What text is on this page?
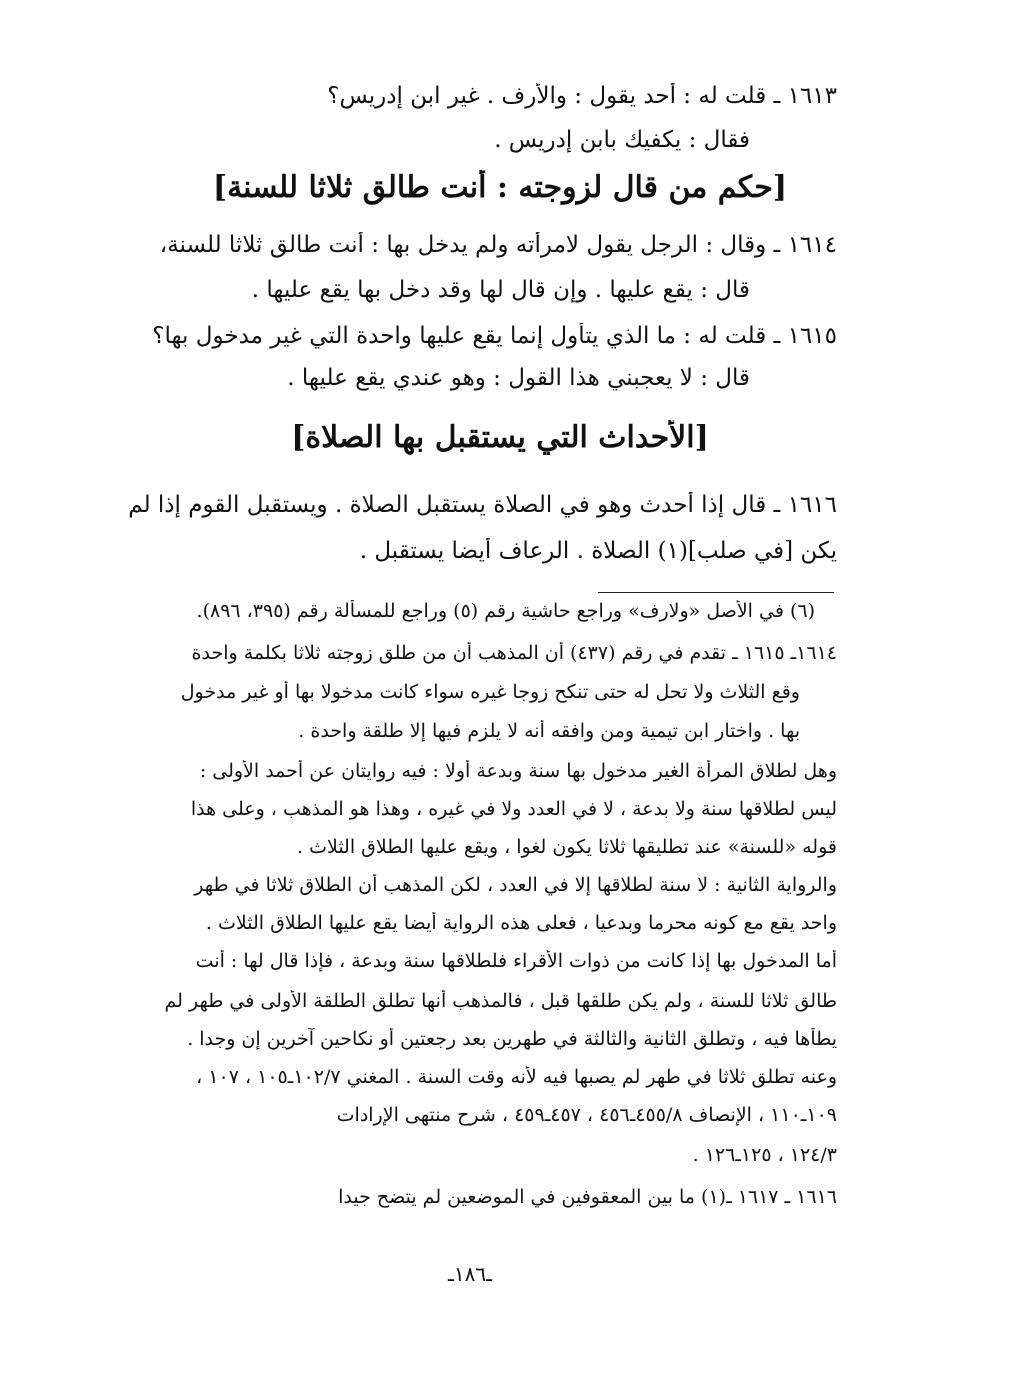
١٦١٣ ـ قلت له : أحد يقول : والأرف . غير ابن إدريس؟
فقال : يكفيك بابن إدريس .
[حكم من قال لزوجته : أنت طالق ثلاثا للسنة]
١٦١٤ ـ وقال : الرجل يقول لامرأته ولم يدخل بها : أنت طالق ثلاثا للسنة،
قال : يقع عليها . وإن قال لها وقد دخل بها يقع عليها .
١٦١٥ ـ قلت له : ما الذي يتأول إنما يقع عليها واحدة التي غير مدخول بها؟
قال : لا يعجبني هذا القول : وهو عندي يقع عليها .
[الأحداث التي يستقبل بها الصلاة]
١٦١٦ ـ قال إذا أحدث وهو في الصلاة يستقبل الصلاة . ويستقبل القوم إذا لم
يكن [في صلب](١) الصلاة . الرعاف أيضا يستقبل .
(٦) في الأصل «ولارف» وراجع حاشية رقم (٥) وراجع للمسألة رقم (٣٩٥، ٨٩٦).
١٦١٤ـ ١٦١٥ ـ تقدم في رقم (٤٣٧) أن المذهب أن من طلق زوجته ثلاثا بكلمة واحدة
وقع الثلاث ولا تحل له حتى تنكح زوجا غيره سواء كانت مدخولا بها أو غير مدخول
بها . واختار ابن تيمية ومن وافقه أنه لا يلزم فيها إلا طلقة واحدة .
وهل لطلاق المرأة الغير مدخول بها سنة وبدعة أولا : فيه روايتان عن أحمد الأولى :
ليس لطلاقها سنة ولا بدعة ، لا في العدد ولا في غيره ، وهذا هو المذهب ، وعلى هذا
قوله «للسنة» عند تطليقها ثلاثا يكون لغوا ، ويقع عليها الطلاق الثلاث .
والرواية الثانية : لا سنة لطلاقها إلا في العدد ، لكن المذهب أن الطلاق ثلاثا في طهر
واحد يقع مع كونه محرما وبدعيا ، فعلى هذه الرواية أيضا يقع عليها الطلاق الثلاث .
أما المدخول بها إذا كانت من ذوات الأقراء فلطلاقها سنة وبدعة ، فإذا قال لها : أنت
طالق ثلاثا للسنة ، ولم يكن طلقها قبل ، فالمذهب أنها تطلق الطلقة الأولى في طهر لم
يطأها فيه ، وتطلق الثانية والثالثة في طهرين بعد رجعتين أو نكاحين آخرين إن وجدا .
وعنه تطلق ثلاثا في طهر لم يصبها فيه لأنه وقت السنة . المغني ١٠٢/٧ـ١٠٥ ، ١٠٧ ،
١٠٩ـ١١٠ ، الإنصاف ٤٥٥/٨ـ٤٥٦ ، ٤٥٧ـ٤٥٩ ، شرح منتهى الإرادات
١٢٤/٣ ، ١٢٥ـ١٢٦ .
١٦١٦ ـ ١٦١٧ ـ(١) ما بين المعقوفين في الموضعين لم يتضح جيدا
ـ١٨٦ـ
